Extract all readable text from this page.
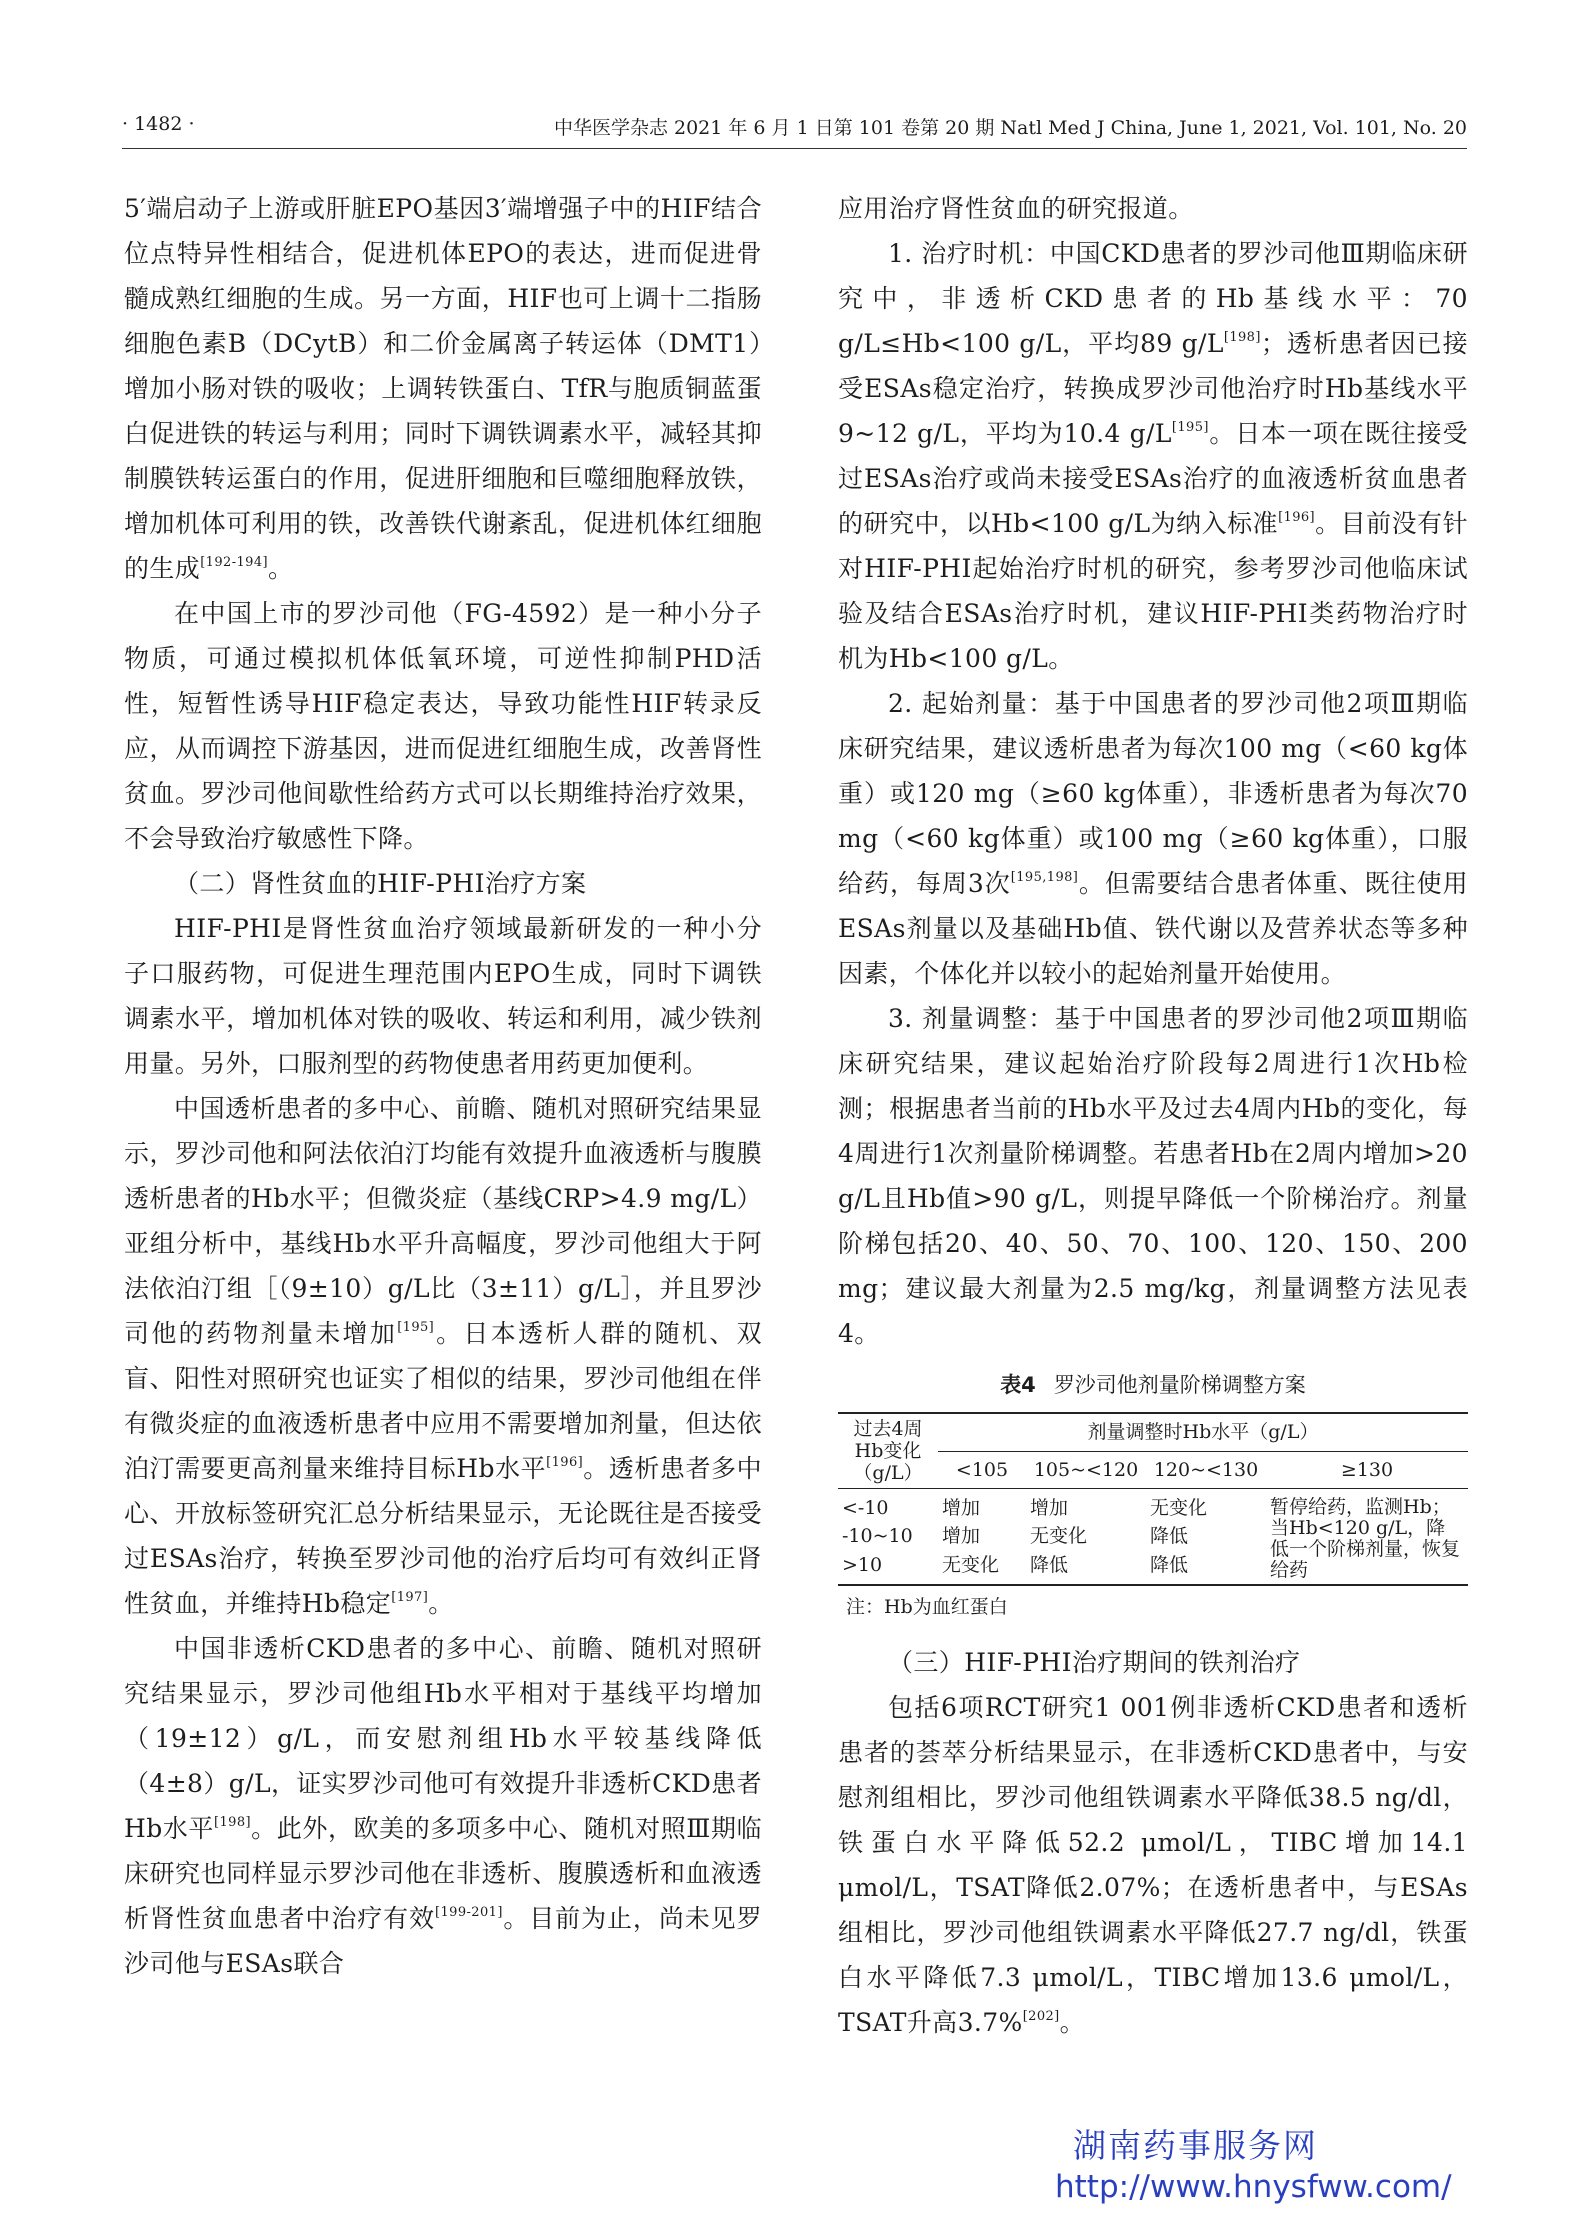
· 1482 ·	中华医学杂志 2021 年 6 月 1 日第 101 卷第 20 期 Natl Med J China, June 1, 2021, Vol. 101, No. 20

5′端启动子上游或肝脏EPO基因3′端增强子中的HIF结合位点特异性相结合，促进机体EPO的表达，进而促进骨髓成熟红细胞的生成。另一方面，HIF也可上调十二指肠细胞色素B（DCytB）和二价金属离子转运体（DMT1）增加小肠对铁的吸收；上调转铁蛋白、TfR与胞质铜蓝蛋白促进铁的转运与利用；同时下调铁调素水平，减轻其抑制膜铁转运蛋白的作用，促进肝细胞和巨噬细胞释放铁，增加机体可利用的铁，改善铁代谢紊乱，促进机体红细胞的生成[192-194]。

在中国上市的罗沙司他（FG-4592）是一种小分子物质，可通过模拟机体低氧环境，可逆性抑制PHD活性，短暂性诱导HIF稳定表达，导致功能性HIF转录反应，从而调控下游基因，进而促进红细胞生成，改善肾性贫血。罗沙司他间歇性给药方式可以长期维持治疗效果，不会导致治疗敏感性下降。

（二）肾性贫血的HIF-PHI治疗方案

HIF-PHI是肾性贫血治疗领域最新研发的一种小分子口服药物，可促进生理范围内EPO生成，同时下调铁调素水平，增加机体对铁的吸收、转运和利用，减少铁剂用量。另外，口服剂型的药物使患者用药更加便利。

中国透析患者的多中心、前瞻、随机对照研究结果显示，罗沙司他和阿法依泊汀均能有效提升血液透析与腹膜透析患者的Hb水平；但微炎症（基线CRP>4.9 mg/L）亚组分析中，基线Hb水平升高幅度，罗沙司他组大于阿法依泊汀组［（9±10）g/L比（3±11）g/L］，并且罗沙司他的药物剂量未增加[195]。日本透析人群的随机、双盲、阳性对照研究也证实了相似的结果，罗沙司他组在伴有微炎症的血液透析患者中应用不需要增加剂量，但达依泊汀需要更高剂量来维持目标Hb水平[196]。透析患者多中心、开放标签研究汇总分析结果显示，无论既往是否接受过ESAs治疗，转换至罗沙司他的治疗后均可有效纠正肾性贫血，并维持Hb稳定[197]。

中国非透析CKD患者的多中心、前瞻、随机对照研究结果显示，罗沙司他组Hb水平相对于基线平均增加（19±12）g/L，而安慰剂组Hb水平较基线降低（4±8）g/L，证实罗沙司他可有效提升非透析CKD患者Hb水平[198]。此外，欧美的多项多中心、随机对照Ⅲ期临床研究也同样显示罗沙司他在非透析、腹膜透析和血液透析肾性贫血患者中治疗有效[199-201]。目前为止，尚未见罗沙司他与ESAs联合

应用治疗肾性贫血的研究报道。

1. 治疗时机：中国CKD患者的罗沙司他Ⅲ期临床研究中，非透析CKD患者的Hb基线水平：70 g/L≤Hb<100 g/L，平均89 g/L[198]；透析患者因已接受ESAs稳定治疗，转换成罗沙司他治疗时Hb基线水平9~12 g/L，平均为10.4 g/L[195]。日本一项在既往接受过ESAs治疗或尚未接受ESAs治疗的血液透析贫血患者的研究中，以Hb<100 g/L为纳入标准[196]。目前没有针对HIF-PHI起始治疗时机的研究，参考罗沙司他临床试验及结合ESAs治疗时机，建议HIF-PHI类药物治疗时机为Hb<100 g/L。

2. 起始剂量：基于中国患者的罗沙司他2项Ⅲ期临床研究结果，建议透析患者为每次100 mg（<60 kg体重）或120 mg（≥60 kg体重），非透析患者为每次70 mg（<60 kg体重）或100 mg（≥60 kg体重），口服给药，每周3次[195,198]。但需要结合患者体重、既往使用ESAs剂量以及基础Hb值、铁代谢以及营养状态等多种因素，个体化并以较小的起始剂量开始使用。

3. 剂量调整：基于中国患者的罗沙司他2项Ⅲ期临床研究结果，建议起始治疗阶段每2周进行1次Hb检测；根据患者当前的Hb水平及过去4周内Hb的变化，每4周进行1次剂量阶梯调整。若患者Hb在2周内增加>20 g/L且Hb值>90 g/L，则提早降低一个阶梯治疗。剂量阶梯包括20、40、50、70、100、120、150、200 mg；建议最大剂量为2.5 mg/kg，剂量调整方法见表4。

表4 罗沙司他剂量阶梯调整方案
过去4周 Hb变化 （g/L）	剂量调整时Hb水平（g/L）			
	<105	105~<120	120~<130	≥130
<-10	增加	增加	无变化	暂停给药，监测Hb；当Hb<120 g/L，降低一个阶梯剂量，恢复给药
-10~10	增加	无变化	降低	
>10	无变化	降低	降低	
注：Hb为血红蛋白

（三）HIF-PHI治疗期间的铁剂治疗

包括6项RCT研究1 001例非透析CKD患者和透析患者的荟萃分析结果显示，在非透析CKD患者中，与安慰剂组相比，罗沙司他组铁调素水平降低38.5 ng/dl，铁蛋白水平降低52.2 μmol/L，TIBC增加14.1 μmol/L，TSAT降低2.07%；在透析患者中，与ESAs组相比，罗沙司他组铁调素水平降低27.7 ng/dl，铁蛋白水平降低7.3 μmol/L，TIBC增加13.6 μmol/L，TSAT升高3.7%[202]。

湖南药事服务网
http://www.hnysfww.com/
